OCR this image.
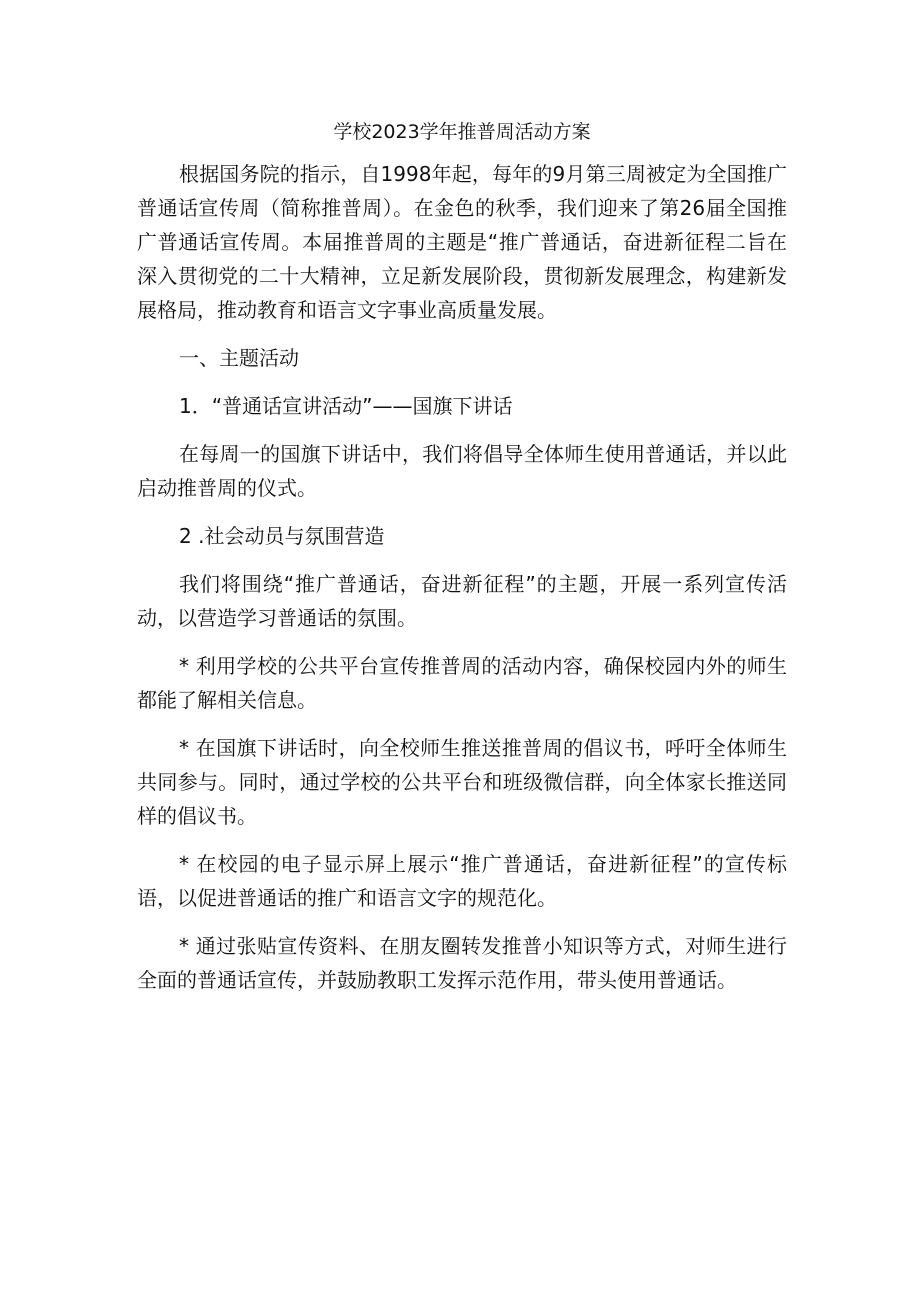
学校2023学年推普周活动方案

根据国务院的指示，自1998年起，每年的9月第三周被定为全国推广普通话宣传周（简称推普周）。在金色的秋季，我们迎来了第26届全国推广普通话宣传周。本届推普周的主题是“推广普通话，奋进新征程二旨在深入贯彻党的二十大精神，立足新发展阶段，贯彻新发展理念，构建新发展格局，推动教育和语言文字事业高质量发展。

一、主题活动

1．“普通话宣讲活动”——国旗下讲话

在每周一的国旗下讲话中，我们将倡导全体师生使用普通话，并以此启动推普周的仪式。

2 .社会动员与氛围营造

我们将围绕“推广普通话，奋进新征程”的主题，开展一系列宣传活动，以营造学习普通话的氛围。

* 利用学校的公共平台宣传推普周的活动内容，确保校园内外的师生都能了解相关信息。

* 在国旗下讲话时，向全校师生推送推普周的倡议书，呼吁全体师生共同参与。同时，通过学校的公共平台和班级微信群，向全体家长推送同样的倡议书。

* 在校园的电子显示屏上展示“推广普通话，奋进新征程”的宣传标语，以促进普通话的推广和语言文字的规范化。

* 通过张贴宣传资料、在朋友圈转发推普小知识等方式，对师生进行全面的普通话宣传，并鼓励教职工发挥示范作用，带头使用普通话。
